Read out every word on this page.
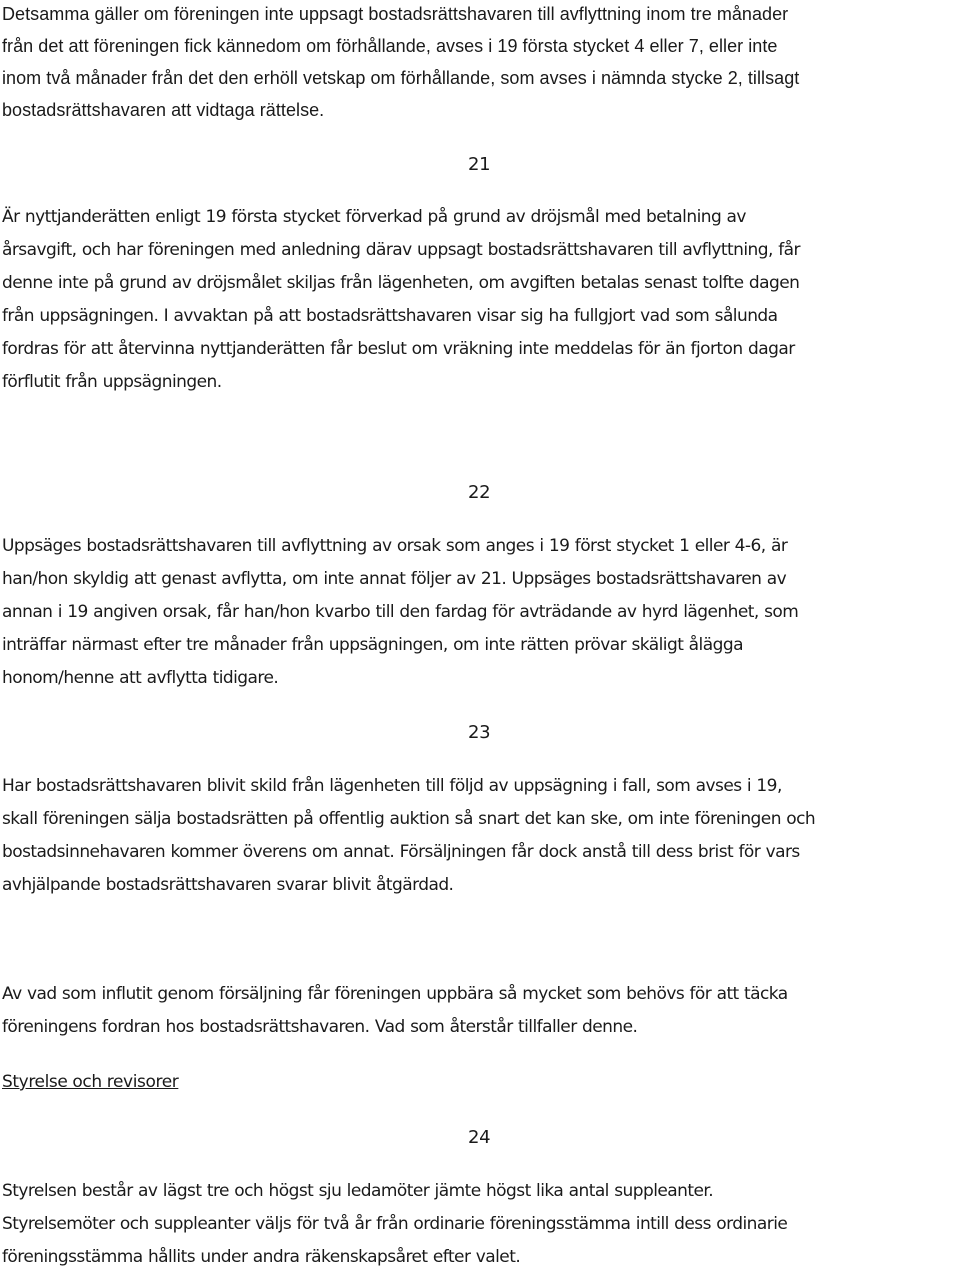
Detsamma gäller om föreningen inte uppsagt bostadsrättshavaren till avflyttning inom tre månader
från det att föreningen fick kännedom om förhållande, avses i 19 första stycket 4 eller 7, eller inte
inom två månader från det den erhöll vetskap om förhållande, som avses i nämnda stycke 2, tillsagt
bostadsrättshavaren att vidtaga rättelse.

21

Är nyttjanderätten enligt 19 första stycket förverkad på grund av dröjsmål med betalning av
årsavgift, och har föreningen med anledning därav uppsagt bostadsrättshavaren till avflyttning, får
denne inte på grund av dröjsmålet skiljas från lägenheten, om avgiften betalas senast tolfte dagen
från uppsägningen. I avvaktan på att bostadsrättshavaren visar sig ha fullgjort vad som sålunda
fordras för att återvinna nyttjanderätten får beslut om vräkning inte meddelas för än fjorton dagar
förflutit från uppsägningen.

22

Uppsäges bostadsrättshavaren till avflyttning av orsak som anges i 19 först stycket 1 eller 4-6, är
han/hon skyldig att genast avflytta, om inte annat följer av 21. Uppsäges bostadsrättshavaren av
annan i 19 angiven orsak, får han/hon kvarbo till den fardag för avträdande av hyrd lägenhet, som
inträffar närmast efter tre månader från uppsägningen, om inte rätten prövar skäligt ålägga
honom/henne att avflytta tidigare.

23

Har bostadsrättshavaren blivit skild från lägenheten till följd av uppsägning i fall, som avses i 19,
skall föreningen sälja bostadsrätten på offentlig auktion så snart det kan ske, om inte föreningen och
bostadsinnehavaren kommer överens om annat. Försäljningen får dock anstå till dess brist för vars
avhjälpande bostadsrättshavaren svarar blivit åtgärdad.

Av vad som influtit genom försäljning får föreningen uppbära så mycket som behövs för att täcka
föreningens fordran hos bostadsrättshavaren. Vad som återstår tillfaller denne.

Styrelse och revisorer
24

Styrelsen består av lägst tre och högst sju ledamöter jämte högst lika antal suppleanter.
Styrelsemöter och suppleanter väljs för två år från ordinarie föreningsstämma intill dess ordinarie
föreningsstämma hållits under andra räkenskapsåret efter valet.
